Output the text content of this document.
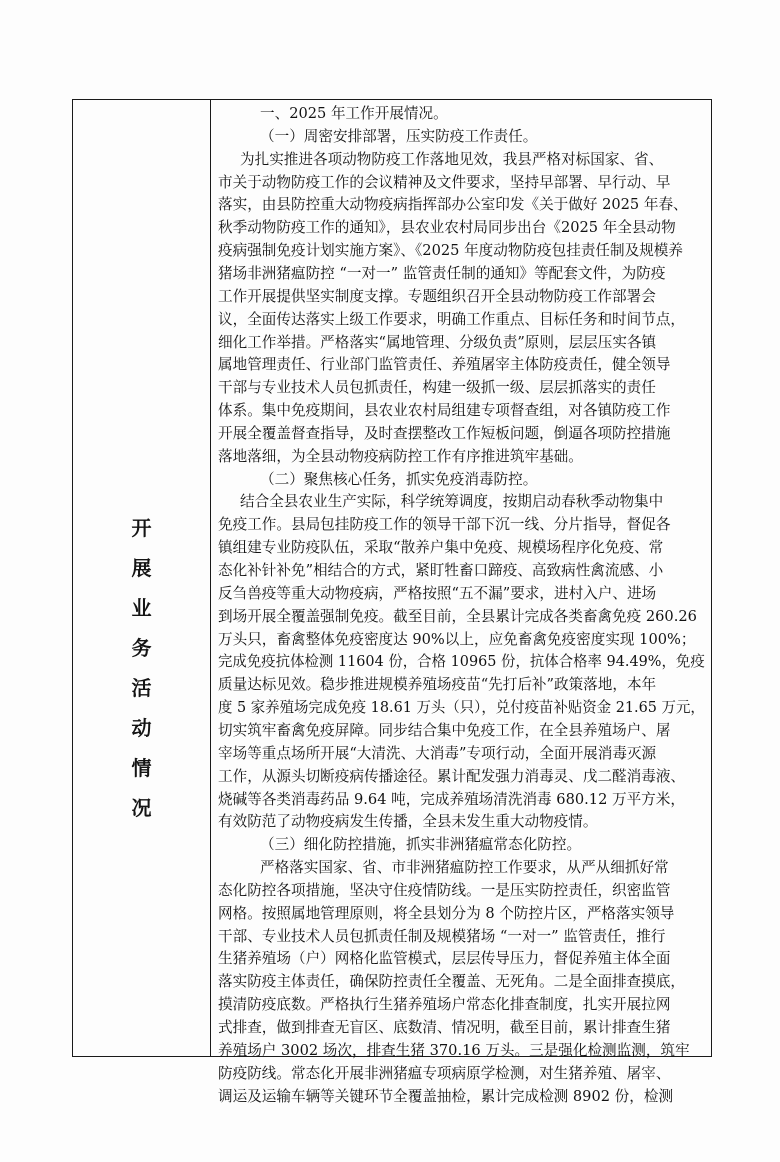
开
展
业
务
活
动
情
况
一、2025 年工作开展情况。
（一）周密安排部署，压实防疫工作责任。
为扎实推进各项动物防疫工作落地见效，我县严格对标国家、省、
市关于动物防疫工作的会议精神及文件要求，坚持早部署、早行动、早
落实，由县防控重大动物疫病指挥部办公室印发《关于做好 2025 年春、
秋季动物防疫工作的通知》，县农业农村局同步出台《2025 年全县动物
疫病强制免疫计划实施方案》、《2025 年度动物防疫包挂责任制及规模养
猪场非洲猪瘟防控 “一对一” 监管责任制的通知》等配套文件，为防疫
工作开展提供坚实制度支撑。专题组织召开全县动物防疫工作部署会
议，全面传达落实上级工作要求，明确工作重点、目标任务和时间节点，
细化工作举措。严格落实“属地管理、分级负责”原则，层层压实各镇
属地管理责任、行业部门监管责任、养殖屠宰主体防疫责任，健全领导
干部与专业技术人员包抓责任，构建一级抓一级、层层抓落实的责任
体系。集中免疫期间，县农业农村局组建专项督查组，对各镇防疫工作
开展全覆盖督查指导，及时查摆整改工作短板问题，倒逼各项防控措施
落地落细，为全县动物疫病防控工作有序推进筑牢基础。
（二）聚焦核心任务，抓实免疫消毒防控。
结合全县农业生产实际，科学统筹调度，按期启动春秋季动物集中
免疫工作。县局包挂防疫工作的领导干部下沉一线、分片指导，督促各
镇组建专业防疫队伍，采取“散养户集中免疫、规模场程序化免疫、常
态化补针补免”相结合的方式，紧盯牲畜口蹄疫、高致病性禽流感、小
反刍兽疫等重大动物疫病，严格按照“五不漏”要求，进村入户、进场
到场开展全覆盖强制免疫。截至目前，全县累计完成各类畜禽免疫 260.26
万头只，畜禽整体免疫密度达 90%以上，应免畜禽免疫密度实现 100%；
完成免疫抗体检测 11604 份，合格 10965 份，抗体合格率 94.49%，免疫
质量达标见效。稳步推进规模养殖场疫苗“先打后补”政策落地，本年
度 5 家养殖场完成免疫 18.61 万头（只），兑付疫苗补贴资金 21.65 万元，
切实筑牢畜禽免疫屏障。同步结合集中免疫工作，在全县养殖场户、屠
宰场等重点场所开展“大清洗、大消毒”专项行动，全面开展消毒灭源
工作，从源头切断疫病传播途径。累计配发强力消毒灵、戊二醛消毒液、
烧碱等各类消毒药品 9.64 吨，完成养殖场清洗消毒 680.12 万平方米，
有效防范了动物疫病发生传播，全县未发生重大动物疫情。
（三）细化防控措施，抓实非洲猪瘟常态化防控。
严格落实国家、省、市非洲猪瘟防控工作要求，从严从细抓好常
态化防控各项措施，坚决守住疫情防线。一是压实防控责任，织密监管
网格。按照属地管理原则，将全县划分为 8 个防控片区，严格落实领导
干部、专业技术人员包抓责任制及规模猪场 “一对一” 监管责任，推行
生猪养殖场（户）网格化监管模式，层层传导压力，督促养殖主体全面
落实防疫主体责任，确保防控责任全覆盖、无死角。二是全面排查摸底，
摸清防疫底数。严格执行生猪养殖场户常态化排查制度，扎实开展拉网
式排查，做到排查无盲区、底数清、情况明，截至目前，累计排查生猪
养殖场户 3002 场次，排查生猪 370.16 万头。三是强化检测监测，筑牢
防疫防线。常态化开展非洲猪瘟专项病原学检测，对生猪养殖、屠宰、
调运及运输车辆等关键环节全覆盖抽检，累计完成检测 8902 份，检测
